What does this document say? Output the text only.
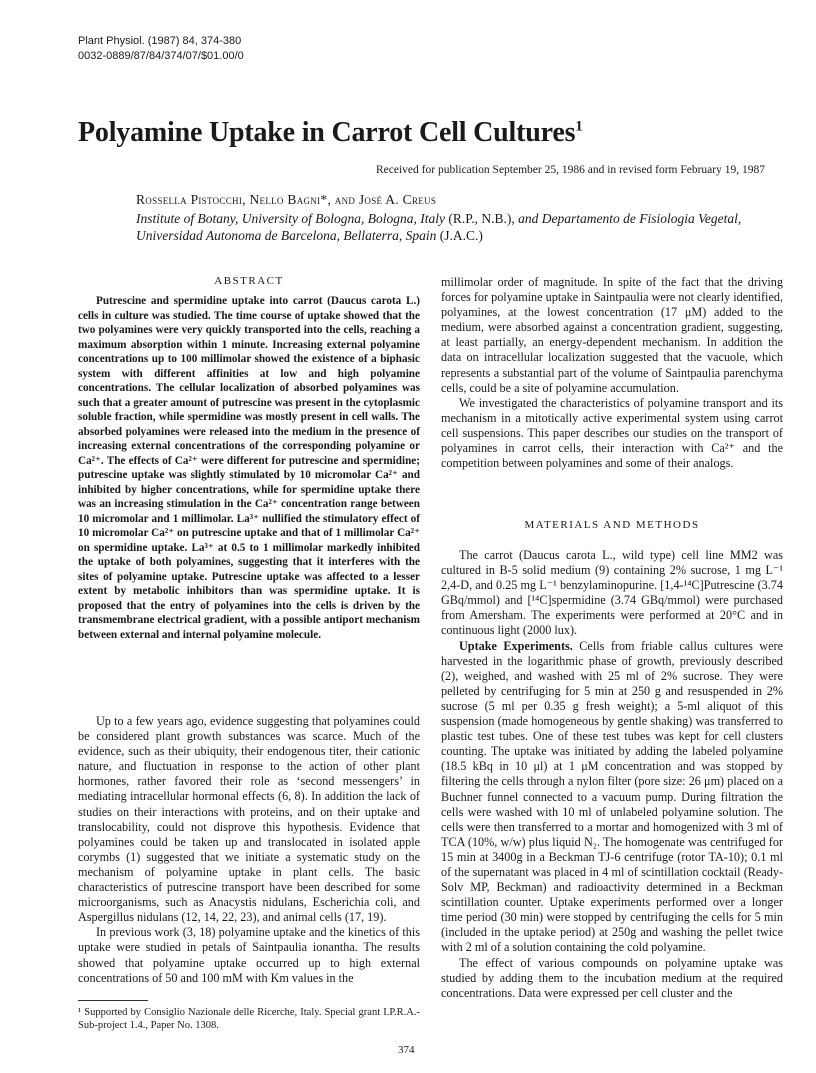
Plant Physiol. (1987) 84, 374-380
0032-0889/87/84/374/07/$01.00/0
Polyamine Uptake in Carrot Cell Cultures$^1$
Received for publication September 25, 1986 and in revised form February 19, 1987
Rossella Pistocchi, Nello Bagni*, and José A. Creus
Institute of Botany, University of Bologna, Bologna, Italy (R.P., N.B.), and Departamento de Fisiologia Vegetal, Universidad Autonoma de Barcelona, Bellaterra, Spain (J.A.C.)
ABSTRACT

Putrescine and spermidine uptake into carrot (Daucus carota L.) cells in culture was studied. The time course of uptake showed that the two polyamines were very quickly transported into the cells, reaching a maximum absorption within 1 minute. Increasing external polyamine concentrations up to 100 millimolar showed the existence of a biphasic system with different affinities at low and high polyamine concentrations. The cellular localization of absorbed polyamines was such that a greater amount of putrescine was present in the cytoplasmic soluble fraction, while spermidine was mostly present in cell walls. The absorbed polyamines were released into the medium in the presence of increasing external concentrations of the corresponding polyamine or Ca²⁺. The effects of Ca²⁺ were different for putrescine and spermidine; putrescine uptake was slightly stimulated by 10 micromolar Ca²⁺ and inhibited by higher concentrations, while for spermidine uptake there was an increasing stimulation in the Ca²⁺ concentration range between 10 micromolar and 1 millimolar. La³⁺ nullified the stimulatory effect of 10 micromolar Ca²⁺ on putrescine uptake and that of 1 millimolar Ca²⁺ on spermidine uptake. La³⁺ at 0.5 to 1 millimolar markedly inhibited the uptake of both polyamines, suggesting that it interferes with the sites of polyamine uptake. Putrescine uptake was affected to a lesser extent by metabolic inhibitors than was spermidine uptake. It is proposed that the entry of polyamines into the cells is driven by the transmembrane electrical gradient, with a possible antiport mechanism between external and internal polyamine molecule.

Up to a few years ago, evidence suggesting that polyamines could be considered plant growth substances was scarce. Much of the evidence, such as their ubiquity, their endogenous titer, their cationic nature, and fluctuation in response to the action of other plant hormones, rather favored their role as ‘second messengers’ in mediating intracellular hormonal effects (6, 8). In addition the lack of studies on their interactions with proteins, and on their uptake and translocability, could not disprove this hypothesis. Evidence that polyamines could be taken up and translocated in isolated apple corymbs (1) suggested that we initiate a systematic study on the mechanism of polyamine uptake in plant cells. The basic characteristics of putrescine transport have been described for some microorganisms, such as Anacystis nidulans, Escherichia coli, and Aspergillus nidulans (12, 14, 22, 23), and animal cells (17, 19).

In previous work (3, 18) polyamine uptake and the kinetics of this uptake were studied in petals of Saintpaulia ionantha. The results showed that polyamine uptake occurred up to high external concentrations of 50 and 100 mM with Km values in the

millimolar order of magnitude. In spite of the fact that the driving forces for polyamine uptake in Saintpaulia were not clearly identified, polyamines, at the lowest concentration (17 μM) added to the medium, were absorbed against a concentration gradient, suggesting, at least partially, an energy-dependent mechanism. In addition the data on intracellular localization suggested that the vacuole, which represents a substantial part of the volume of Saintpaulia parenchyma cells, could be a site of polyamine accumulation.

We investigated the characteristics of polyamine transport and its mechanism in a mitotically active experimental system using carrot cell suspensions. This paper describes our studies on the transport of polyamines in carrot cells, their interaction with Ca²⁺ and the competition between polyamines and some of their analogs.

MATERIALS AND METHODS

The carrot (Daucus carota L., wild type) cell line MM2 was cultured in B-5 solid medium (9) containing 2% sucrose, 1 mg L⁻¹ 2,4-D, and 0.25 mg L⁻¹ benzylaminopurine. [1,4-¹⁴C]Putrescine (3.74 GBq/mmol) and [¹⁴C]spermidine (3.74 GBq/mmol) were purchased from Amersham. The experiments were performed at 20°C and in continuous light (2000 lux).

Uptake Experiments. Cells from friable callus cultures were harvested in the logarithmic phase of growth, previously described (2), weighed, and washed with 25 ml of 2% sucrose. They were pelleted by centrifuging for 5 min at 250 g and resuspended in 2% sucrose (5 ml per 0.35 g fresh weight); a 5-ml aliquot of this suspension (made homogeneous by gentle shaking) was transferred to plastic test tubes. One of these test tubes was kept for cell clusters counting. The uptake was initiated by adding the labeled polyamine (18.5 kBq in 10 μl) at 1 μM concentration and was stopped by filtering the cells through a nylon filter (pore size: 26 μm) placed on a Buchner funnel connected to a vacuum pump. During filtration the cells were washed with 10 ml of unlabeled polyamine solution. The cells were then transferred to a mortar and homogenized with 3 ml of TCA (10%, w/w) plus liquid N₂. The homogenate was centrifuged for 15 min at 3400g in a Beckman TJ-6 centrifuge (rotor TA-10); 0.1 ml of the supernatant was placed in 4 ml of scintillation cocktail (Ready-Solv MP, Beckman) and radioactivity determined in a Beckman scintillation counter. Uptake experiments performed over a longer time period (30 min) were stopped by centrifuging the cells for 5 min (included in the uptake period) at 250g and washing the pellet twice with 2 ml of a solution containing the cold polyamine.

The effect of various compounds on polyamine uptake was studied by adding them to the incubation medium at the required concentrations. Data were expressed per cell cluster and the

¹ Supported by Consiglio Nazionale delle Ricerche, Italy. Special grant I.P.R.A.-Sub-project 1.4., Paper No. 1308.
374
